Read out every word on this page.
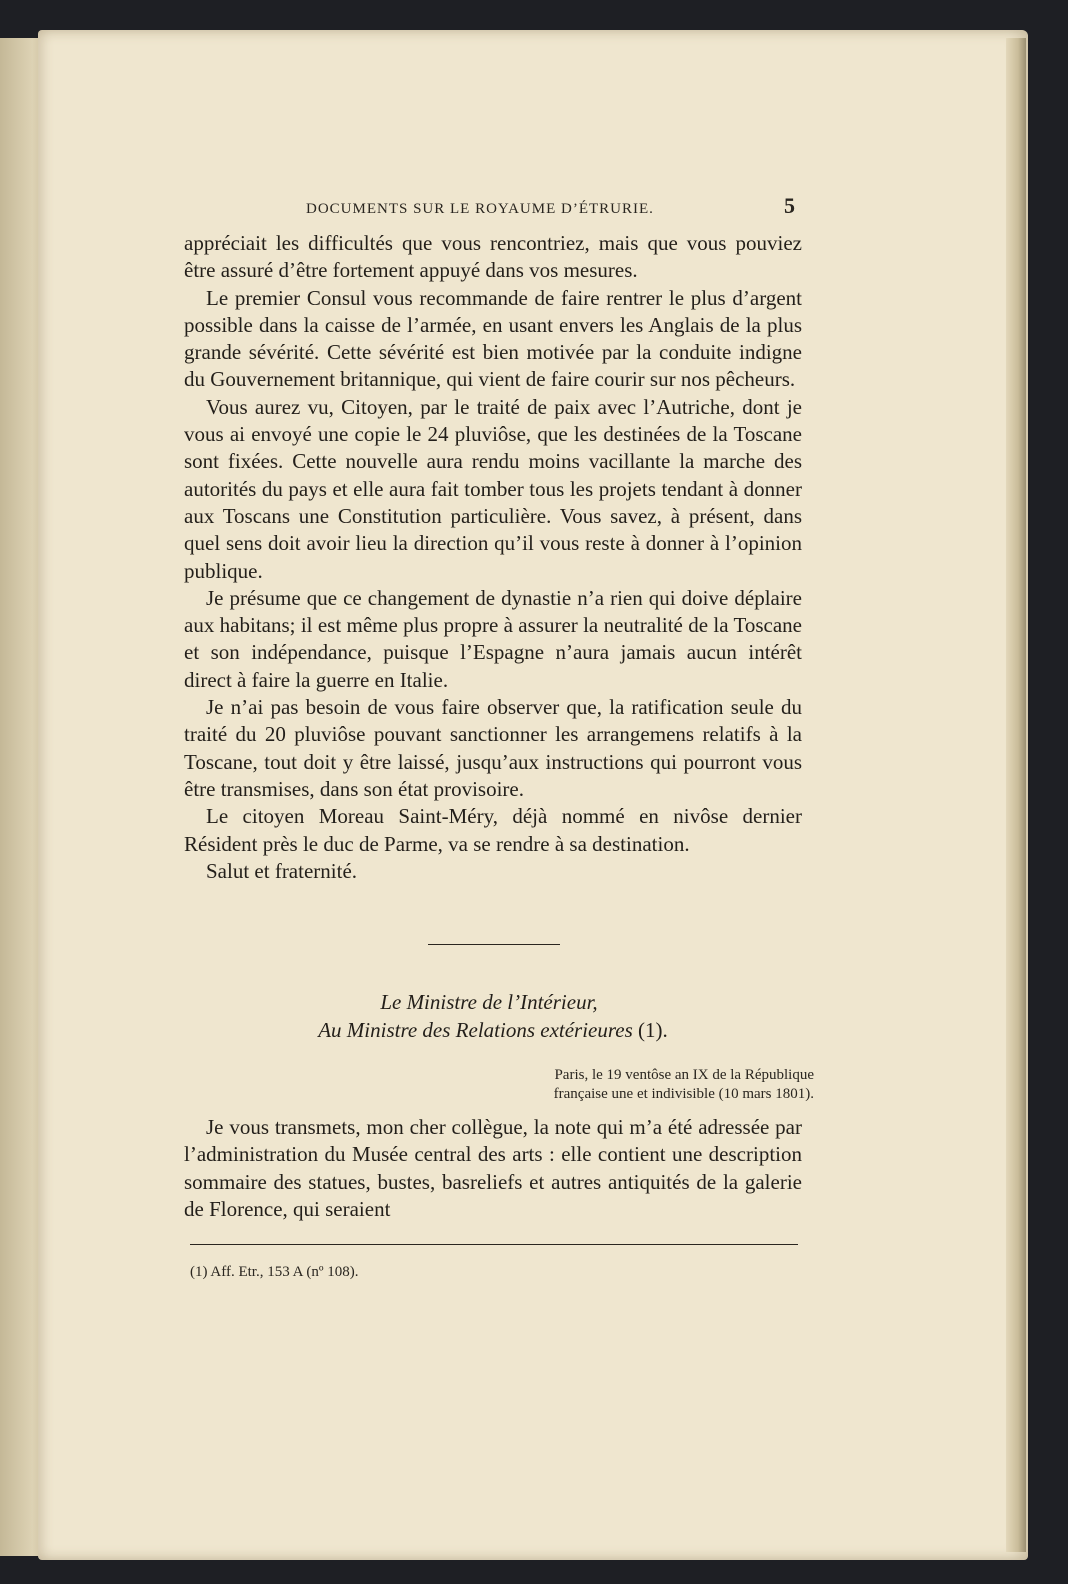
DOCUMENTS SUR LE ROYAUME D’ÉTRURIE.	5

appréciait les difficultés que vous rencontriez, mais que vous pouviez être assuré d’être fortement appuyé dans vos mesures.

Le premier Consul vous recommande de faire rentrer le plus d’argent possible dans la caisse de l’armée, en usant envers les Anglais de la plus grande sévérité. Cette sévérité est bien motivée par la conduite indigne du Gouvernement britannique, qui vient de faire courir sur nos pêcheurs.

Vous aurez vu, Citoyen, par le traité de paix avec l’Autriche, dont je vous ai envoyé une copie le 24 pluviôse, que les destinées de la Toscane sont fixées. Cette nouvelle aura rendu moins vacillante la marche des autorités du pays et elle aura fait tomber tous les projets tendant à donner aux Toscans une Constitution particulière. Vous savez, à présent, dans quel sens doit avoir lieu la direction qu’il vous reste à donner à l’opinion publique.

Je présume que ce changement de dynastie n’a rien qui doive déplaire aux habitans; il est même plus propre à assurer la neutralité de la Toscane et son indépendance, puisque l’Espagne n’aura jamais aucun intérêt direct à faire la guerre en Italie.

Je n’ai pas besoin de vous faire observer que, la ratification seule du traité du 20 pluviôse pouvant sanctionner les arrangemens relatifs à la Toscane, tout doit y être laissé, jusqu’aux instructions qui pourront vous être transmises, dans son état provisoire.

Le citoyen Moreau Saint-Méry, déjà nommé en nivôse dernier Résident près le duc de Parme, va se rendre à sa destination.

Salut et fraternité.

Le Ministre de l’Intérieur,
Au Ministre des Relations extérieures (1).
Paris, le 19 ventôse an IX de la République
française une et indivisible (10 mars 1801).

Je vous transmets, mon cher collègue, la note qui m’a été adressée par l’administration du Musée central des arts : elle contient une description sommaire des statues, bustes, basreliefs et autres antiquités de la galerie de Florence, qui seraient

(1) Aff. Etr., 153 A (nº 108).
